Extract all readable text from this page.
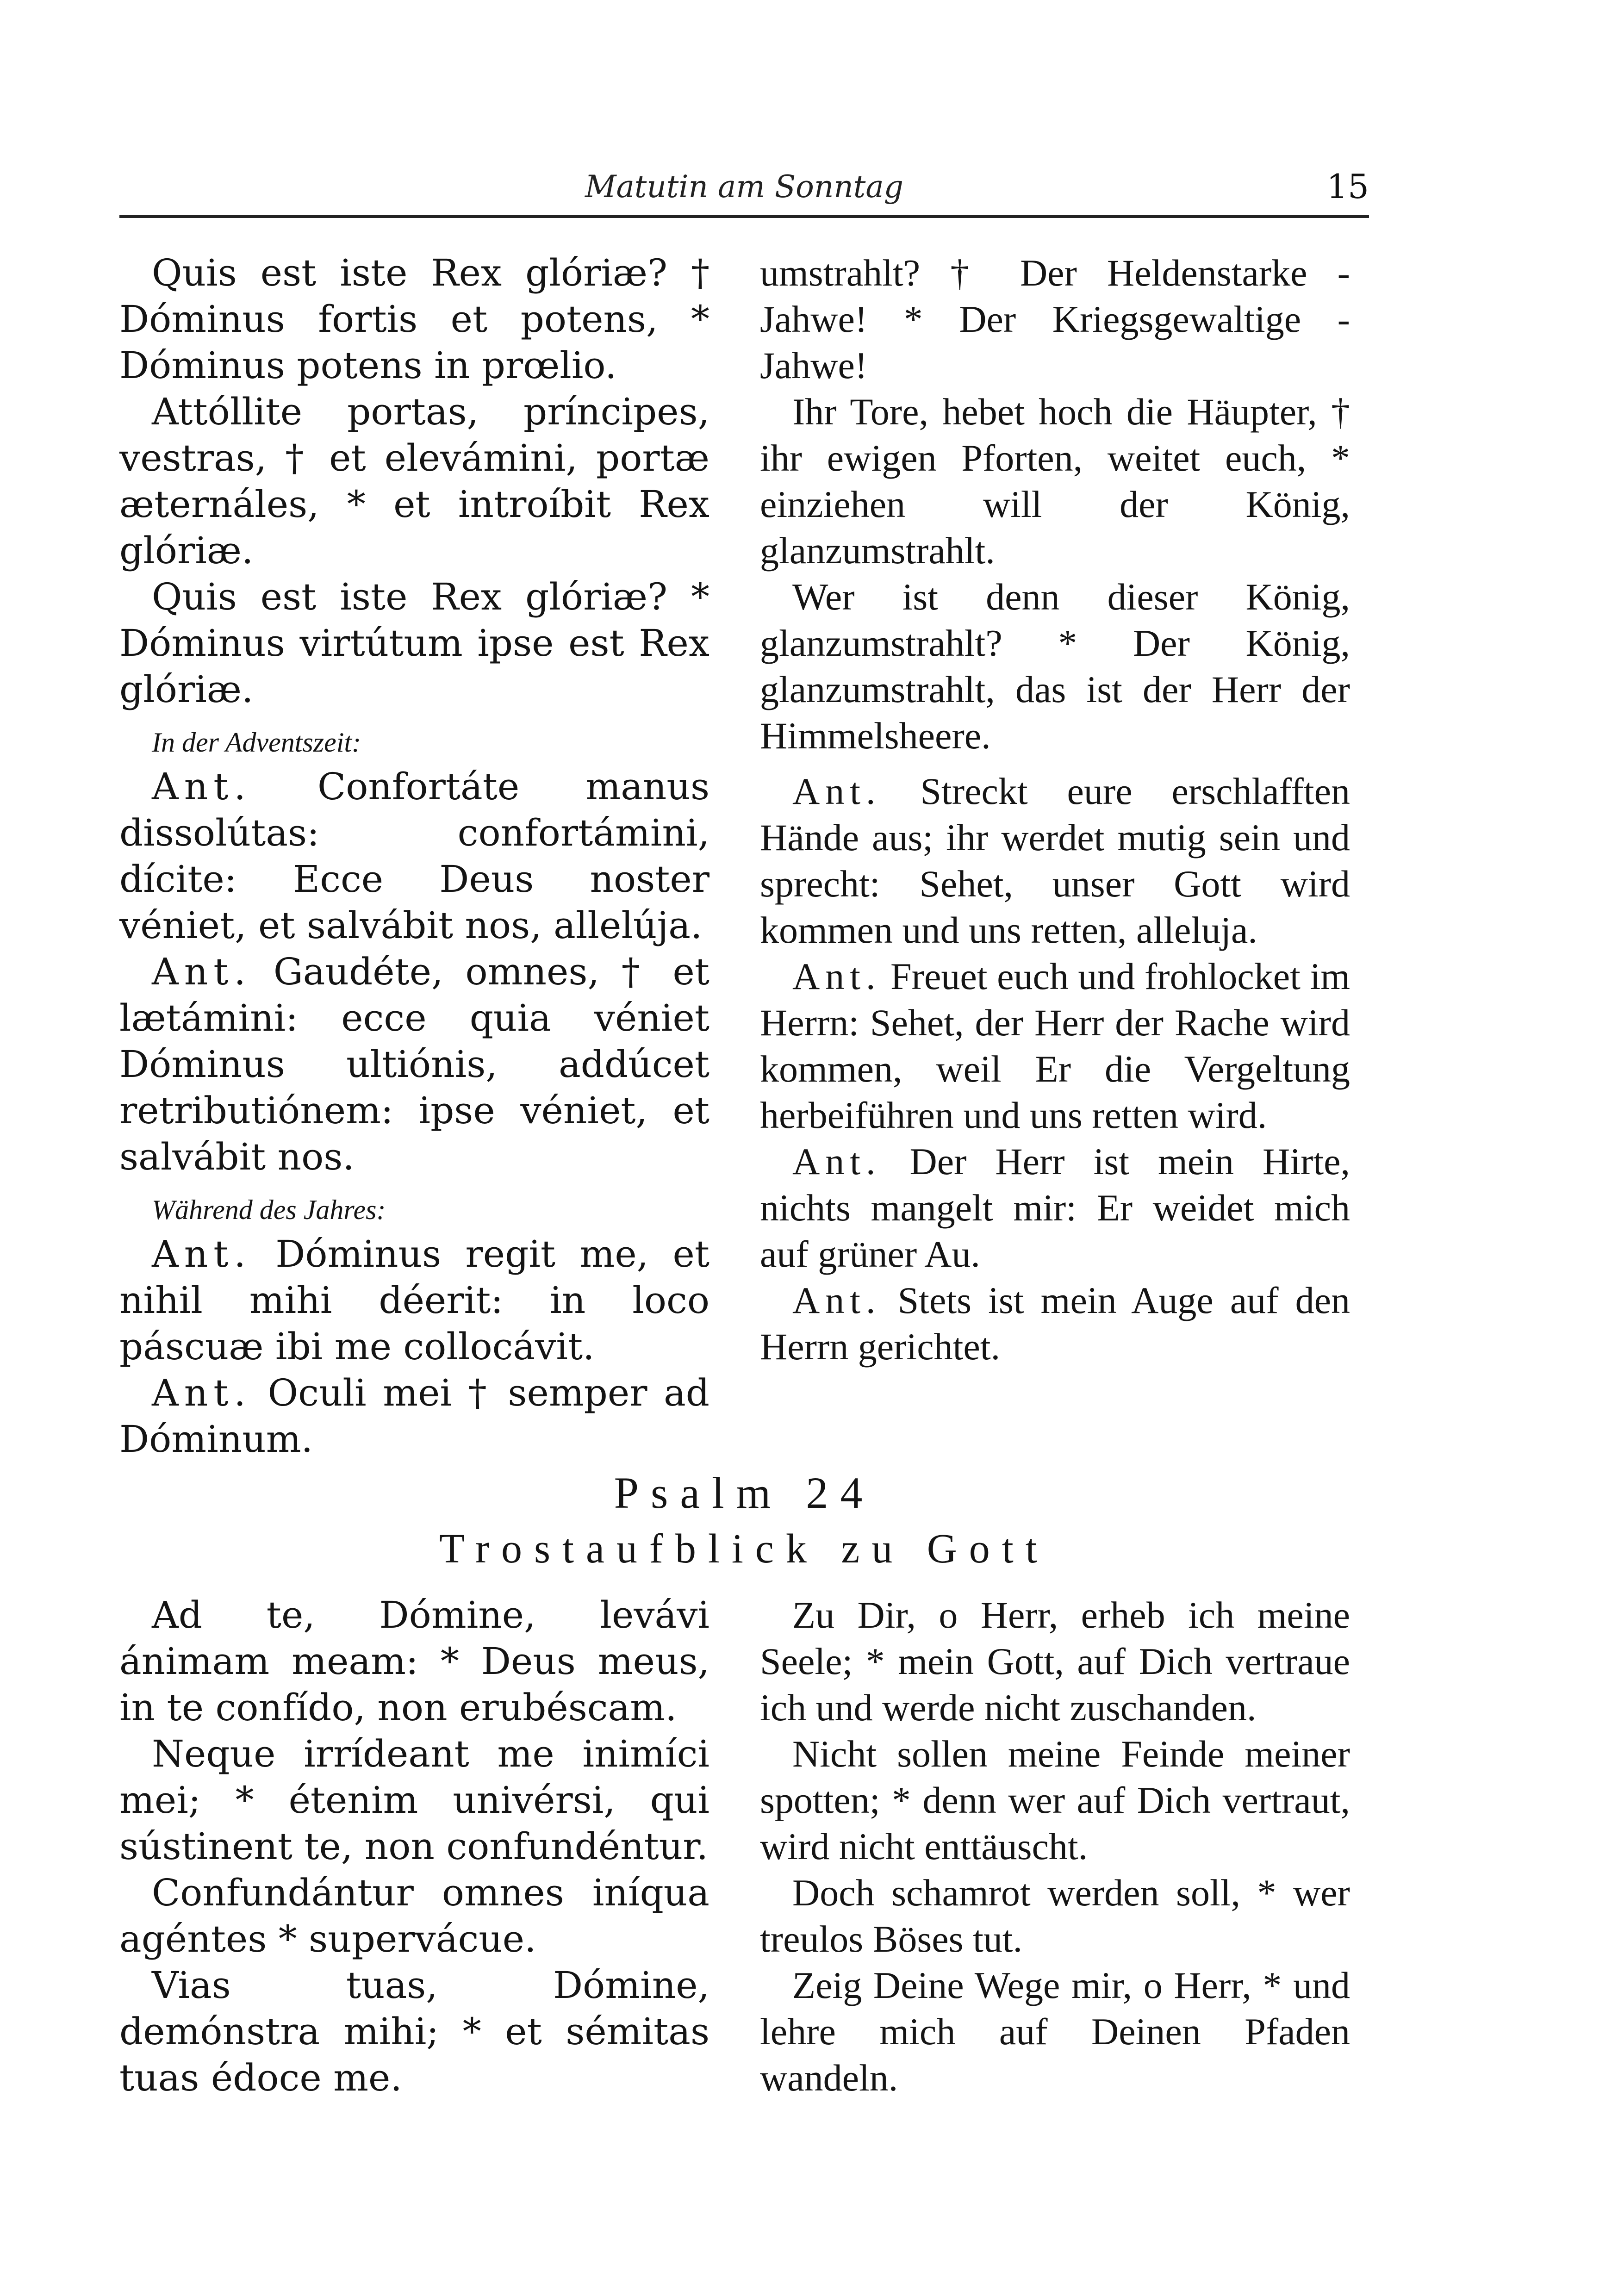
Matutin am Sonntag	15

Quis est iste Rex glóriæ? † Dóminus fortis et potens, * Dóminus potens in prœlio.

Attóllite portas, príncipes, vestras, † et elevámini, portæ æternáles, * et introíbit Rex glóriæ.

Quis est iste Rex glóriæ? * Dóminus virtútum ipse est Rex glóriæ.

In der Adventszeit:

Ant. Confortáte manus dissolútas: confortámini, dícite: Ecce Deus noster véniet, et salvábit nos, allelúja.

Ant. Gaudéte, omnes, † et lætámini: ecce quia véniet Dóminus ultiónis, addúcet retributiónem: ipse véniet, et salvábit nos.

Während des Jahres:

Ant. Dóminus regit me, et nihil mihi déerit: in loco páscuæ ibi me collocávit.

Ant. Oculi mei † semper ad Dóminum.

umstrahlt? † Der Heldenstarke - Jahwe! * Der Kriegsgewaltige - Jahwe!

Ihr Tore, hebet hoch die Häupter, † ihr ewigen Pforten, weitet euch, * einziehen will der König, glanzumstrahlt.

Wer ist denn dieser König, glanzumstrahlt? * Der König, glanzumstrahlt, das ist der Herr der Himmelsheere.

Ant. Streckt eure erschlafften Hände aus; ihr werdet mutig sein und sprecht: Sehet, unser Gott wird kommen und uns retten, alleluja.

Ant. Freuet euch und frohlocket im Herrn: Sehet, der Herr der Rache wird kommen, weil Er die Vergeltung herbeiführen und uns retten wird.

Ant. Der Herr ist mein Hirte, nichts mangelt mir: Er weidet mich auf grüner Au.

Ant. Stets ist mein Auge auf den Herrn gerichtet.

Psalm 24
Trostaufblick zu Gott

Ad te, Dómine, levávi ánimam meam: * Deus meus, in te confído, non erubéscam.

Neque irrídeant me inimíci mei; * étenim univérsi, qui sústinent te, non confundéntur.

Confundántur omnes iníqua agéntes * supervácue.

Vias tuas, Dómine, demónstra mihi; * et sémitas tuas édoce me.

Zu Dir, o Herr, erheb ich meine Seele; * mein Gott, auf Dich vertraue ich und werde nicht zuschanden.

Nicht sollen meine Feinde meiner spotten; * denn wer auf Dich vertraut, wird nicht enttäuscht.

Doch schamrot werden soll, * wer treulos Böses tut.

Zeig Deine Wege mir, o Herr, * und lehre mich auf Deinen Pfaden wandeln.
